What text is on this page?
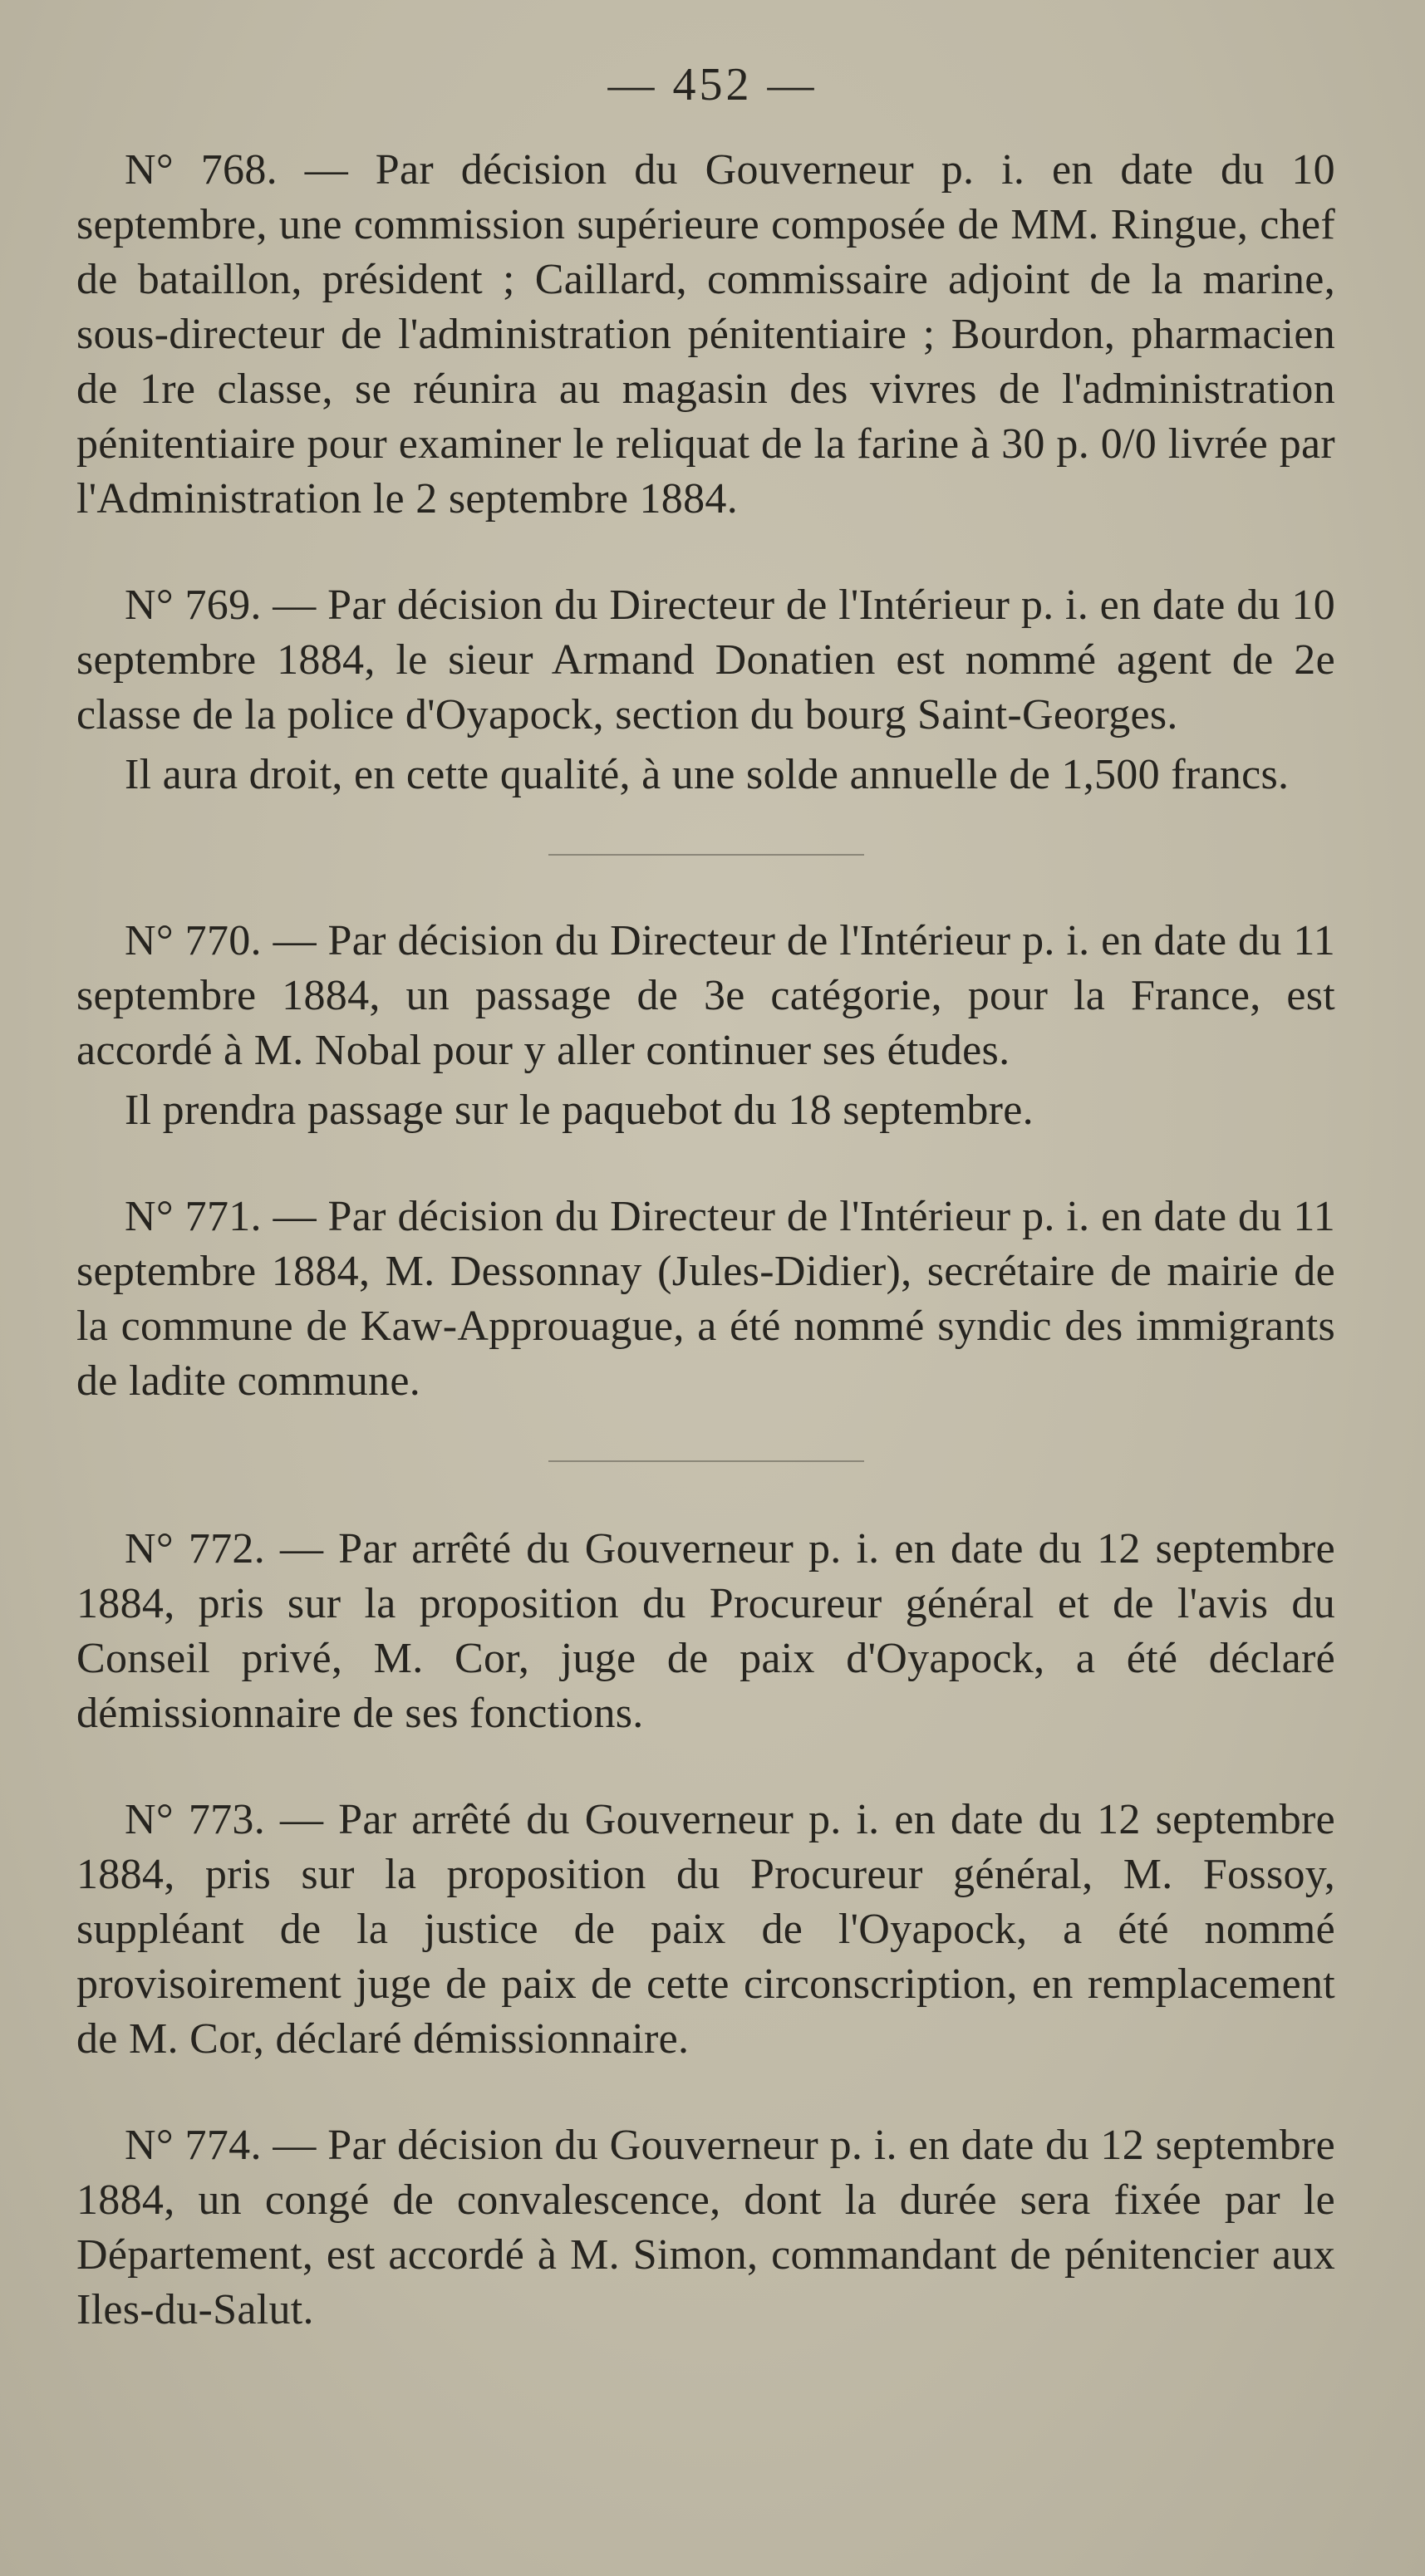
— 452 —

N° 768. — Par décision du Gouverneur p. i. en date du 10 septembre, une commission supérieure composée de MM. Ringue, chef de bataillon, président ; Caillard, commissaire adjoint de la marine, sous-directeur de l'administration pénitentiaire ; Bourdon, pharmacien de 1re classe, se réunira au magasin des vivres de l'administration pénitentiaire pour examiner le reliquat de la farine à 30 p. 0/0 livrée par l'Administration le 2 septembre 1884.

N° 769. — Par décision du Directeur de l'Intérieur p. i. en date du 10 septembre 1884, le sieur Armand Donatien est nommé agent de 2e classe de la police d'Oyapock, section du bourg Saint-Georges.

Il aura droit, en cette qualité, à une solde annuelle de 1,500 francs.

N° 770. — Par décision du Directeur de l'Intérieur p. i. en date du 11 septembre 1884, un passage de 3e catégorie, pour la France, est accordé à M. Nobal pour y aller continuer ses études.

Il prendra passage sur le paquebot du 18 septembre.

N° 771. — Par décision du Directeur de l'Intérieur p. i. en date du 11 septembre 1884, M. Dessonnay (Jules-Didier), secrétaire de mairie de la commune de Kaw-Approuague, a été nommé syndic des immigrants de ladite commune.

N° 772. — Par arrêté du Gouverneur p. i. en date du 12 septembre 1884, pris sur la proposition du Procureur général et de l'avis du Conseil privé, M. Cor, juge de paix d'Oyapock, a été déclaré démissionnaire de ses fonctions.

N° 773. — Par arrêté du Gouverneur p. i. en date du 12 septembre 1884, pris sur la proposition du Procureur général, M. Fossoy, suppléant de la justice de paix de l'Oyapock, a été nommé provisoirement juge de paix de cette circonscription, en remplacement de M. Cor, déclaré démissionnaire.

N° 774. — Par décision du Gouverneur p. i. en date du 12 septembre 1884, un congé de convalescence, dont la durée sera fixée par le Département, est accordé à M. Simon, commandant de pénitencier aux Iles-du-Salut.
